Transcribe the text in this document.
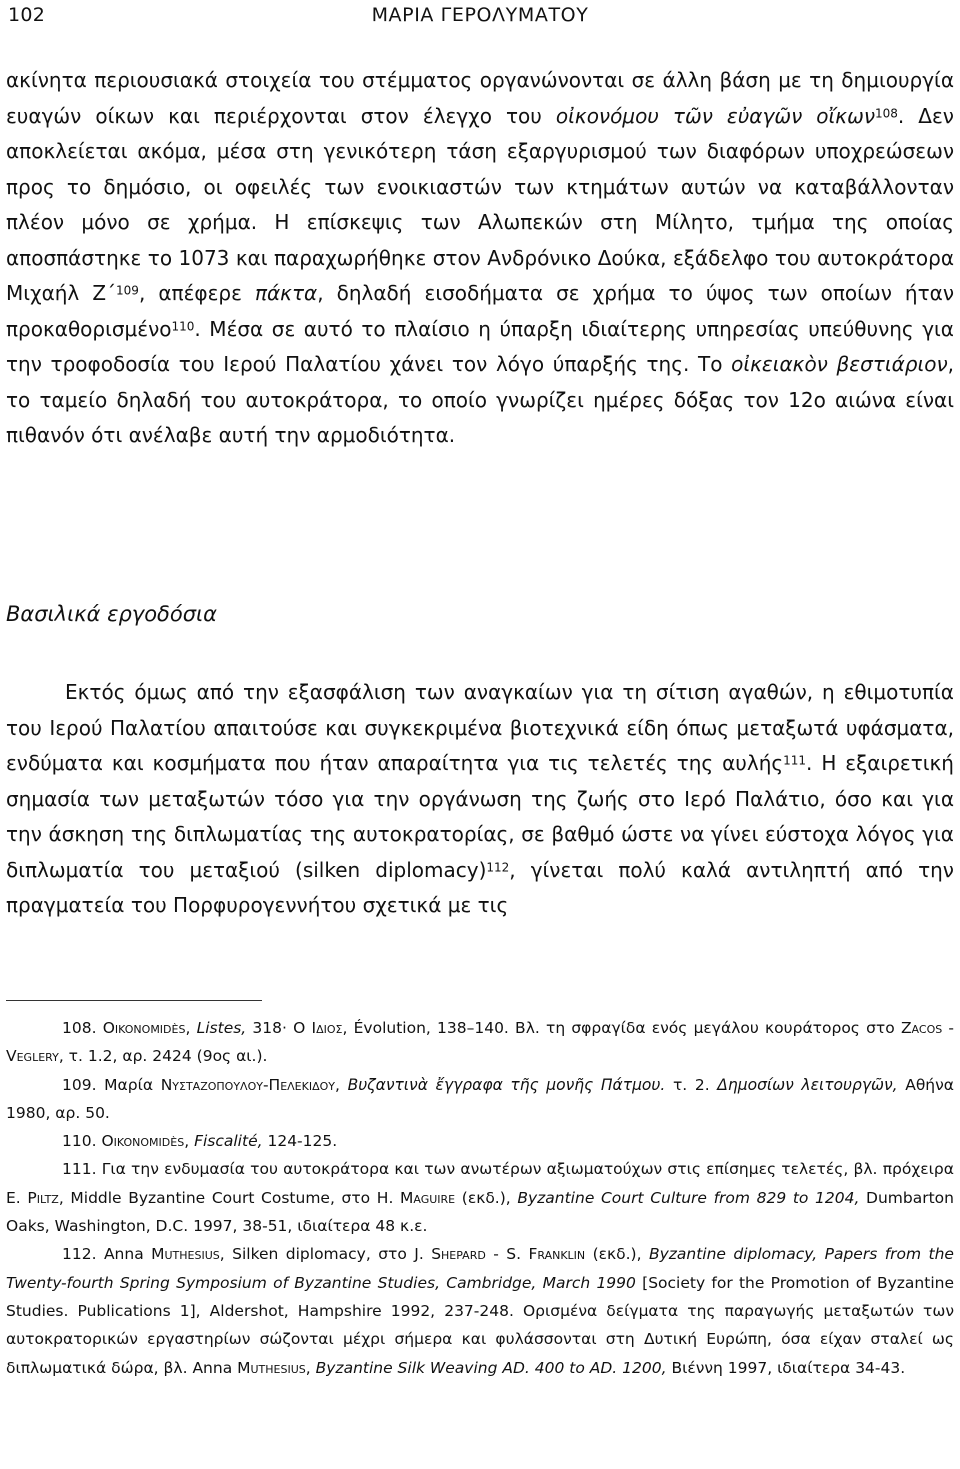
102	ΜΑΡΙΑ ΓΕΡΟΛΥΜΑΤΟΥ
ακίνητα περιουσιακά στοιχεία του στέμματος οργανώνονται σε άλλη βάση με τη δημιουργία ευαγών οίκων και περιέρχονται στον έλεγχο του οἰκονόμου τῶν εὐαγῶν οἴκων$^{108}$. Δεν αποκλείεται ακόμα, μέσα στη γενικότερη τάση εξαργυρισμού των διαφόρων υποχρεώσεων προς το δημόσιο, οι οφειλές των ενοικιαστών των κτημάτων αυτών να καταβάλλονταν πλέον μόνο σε χρήμα. Η επίσκεψις των Αλωπεκών στη Μίλητο, τμήμα της οποίας αποσπάστηκε το 1073 και παραχωρήθηκε στον Ανδρόνικο Δούκα, εξάδελφο του αυτοκράτορα Μιχαήλ Ζ΄$^{109}$, απέφερε πάκτα, δηλαδή εισοδήματα σε χρήμα το ύψος των οποίων ήταν προκαθορισμένο$^{110}$. Μέσα σε αυτό το πλαίσιο η ύπαρξη ιδιαίτερης υπηρεσίας υπεύθυνης για την τροφοδοσία του Ιερού Παλατίου χάνει τον λόγο ύπαρξής της. Το οἰκειακὸν βεστιάριον, το ταμείο δηλαδή του αυτοκράτορα, το οποίο γνωρίζει ημέρες δόξας τον 12ο αιώνα είναι πιθανόν ότι ανέλαβε αυτή την αρμοδιότητα.
Βασιλικά εργοδόσια
Εκτός όμως από την εξασφάλιση των αναγκαίων για τη σίτιση αγαθών, η εθιμοτυπία του Ιερού Παλατίου απαιτούσε και συγκεκριμένα βιοτεχνικά είδη όπως μεταξωτά υφάσματα, ενδύματα και κοσμήματα που ήταν απαραίτητα για τις τελετές της αυλής$^{111}$. Η εξαιρετική σημασία των μεταξωτών τόσο για την οργάνωση της ζωής στο Ιερό Παλάτιο, όσο και για την άσκηση της διπλωματίας της αυτοκρατορίας, σε βαθμό ώστε να γίνει εύστοχα λόγος για διπλωματία του μεταξιού (silken diplomacy)$^{112}$, γίνεται πολύ καλά αντιληπτή από την πραγματεία του Πορφυρογεννήτου σχετικά με τις
108. Oikonomidès, Listes, 318· Ο Ιδιος, Évolution, 138–140. Βλ. τη σφραγίδα ενός μεγάλου κουράτορος στο Zacos - Veglery, τ. 1.2, αρ. 2424 (9ος αι.).
109. Μαρία Νυσταζοπουλου-Πελεκιδου, Βυζαντινὰ ἔγγραφα τῆς μονῆς Πάτμου. τ. 2. Δημοσίων λειτουργῶν, Αθήνα 1980, αρ. 50.
110. Oikonomidès, Fiscalité, 124-125.
111. Για την ενδυμασία του αυτοκράτορα και των ανωτέρων αξιωματούχων στις επίσημες τελετές, βλ. πρόχειρα Ε. Piltz, Middle Byzantine Court Costume, στο Η. Maguire (εκδ.), Byzantine Court Culture from 829 to 1204, Dumbarton Oaks, Washington, D.C. 1997, 38-51, ιδιαίτερα 48 κ.ε.
112. Anna Muthesius, Silken diplomacy, στο J. Shepard - S. Franklin (εκδ.), Byzantine diplomacy, Papers from the Twenty-fourth Spring Symposium of Byzantine Studies, Cambridge, March 1990 [Society for the Promotion of Byzantine Studies. Publications 1], Aldershot, Hampshire 1992, 237-248. Ορισμένα δείγματα της παραγωγής μεταξωτών των αυτοκρατορικών εργαστηρίων σώζονται μέχρι σήμερα και φυλάσσονται στη Δυτική Ευρώπη, όσα είχαν σταλεί ως διπλωματικά δώρα, βλ. Anna Muthesius, Byzantine Silk Weaving AD. 400 to AD. 1200, Βιέννη 1997, ιδιαίτερα 34-43.
